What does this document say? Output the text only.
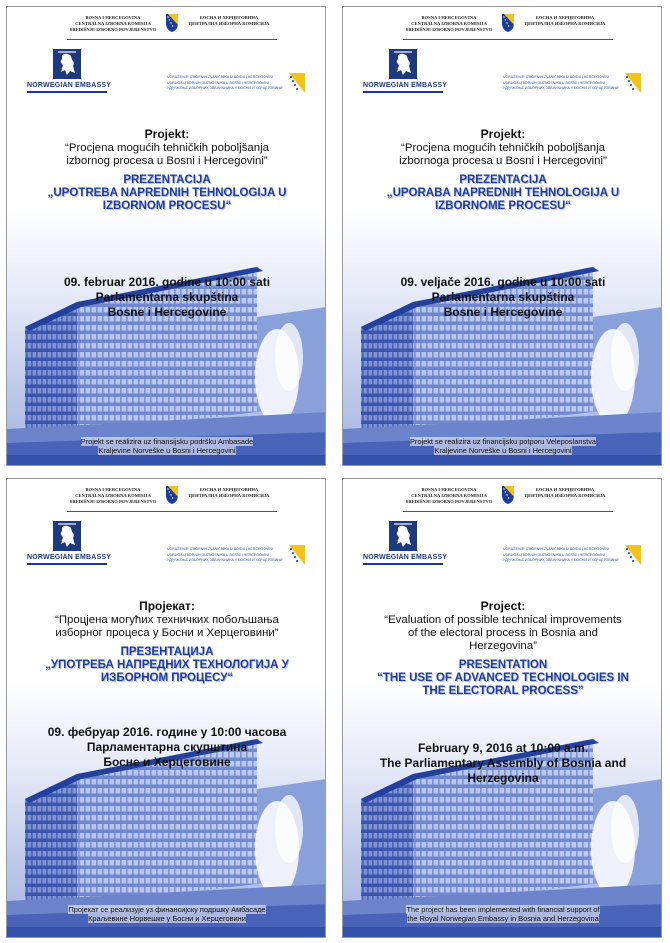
BOSNA I HERCEGOVINA
CENTRALNA IZBORNA KOMISIJA
SREDIŠNJE IZBORNO POVJERENSTVO
БОСНА И ХЕРЦЕГОВИНА
ЦЕНТРАЛНА ИЗБОРНА КОМИСИЈА
NORWEGIAN EMBASSY
UDRUŽENJE IZBORNIH ZVANIČNIKA U BOSNI I HERCEGOVINI
UDRUGA IZBORNIH DUŽNOSNIKA U BOSNI I HERCEGOVINI
УДРУЖЕЊЕ ИЗБОРНИХ ЗВАНИЧНИКА У БОСНИ И ХЕРЦЕГОВИНИ
Projekt:
“Procjena mogućih tehničkih poboljšanja
izbornog procesa u Bosni i Hercegovini”
PREZENTACIJA
„UPOTREBA NAPREDNIH TEHNOLOGIJA U
IZBORNOM PROCESU“
09. februar 2016. godine u 10:00 sati
Parlamentarna skupština
Bosne i Hercegovine
Projekt se realizira uz finansijsku podršku Ambasade
Kraljevine Norveške u Bosni i Hercegovini
BOSNA I HERCEGOVINA
CENTRALNA IZBORNA KOMISIJA
SREDIŠNJE IZBORNO POVJERENSTVO
БОСНА И ХЕРЦЕГОВИНА
ЦЕНТРАЛНА ИЗБОРНА КОМИСИЈА
NORWEGIAN EMBASSY
UDRUŽENJE IZBORNIH ZVANIČNIKA U BOSNI I HERCEGOVINI
UDRUGA IZBORNIH DUŽNOSNIKA U BOSNI I HERCEGOVINI
УДРУЖЕЊЕ ИЗБОРНИХ ЗВАНИЧНИКА У БОСНИ И ХЕРЦЕГОВИНИ
Projekt:
“Procjena mogućih tehničkih poboljšanja
izbornoga procesa u Bosni i Hercegovini”
PREZENTACIJA
„UPORABA NAPREDNIH TEHNOLOGIJA U
IZBORNOME PROCESU“
09. veljače 2016. godine u 10:00 sati
Parlamentarna skupština
Bosne i Hercegovine
Projekt se realizira uz financijsku potporu Veleposlanstva
Kraljevine Norveške u Bosni i Hercegovini
BOSNA I HERCEGOVINA
CENTRALNA IZBORNA KOMISIJA
SREDIŠNJE IZBORNO POVJERENSTVO
БОСНА И ХЕРЦЕГОВИНА
ЦЕНТРАЛНА ИЗБОРНА КОМИСИЈА
NORWEGIAN EMBASSY
UDRUŽENJE IZBORNIH ZVANIČNIKA U BOSNI I HERCEGOVINI
UDRUGA IZBORNIH DUŽNOSNIKA U BOSNI I HERCEGOVINI
УДРУЖЕЊЕ ИЗБОРНИХ ЗВАНИЧНИКА У БОСНИ И ХЕРЦЕГОВИНИ
Пројекат:
“Процјена могућих техничких побољшања
изборног процеса у Босни и Херцеговини”
ПРЕЗЕНТАЦИЈА
„УПОТРЕБА НАПРЕДНИХ ТЕХНОЛОГИЈА У
ИЗБОРНОМ ПРОЦЕСУ“
09. фебруар 2016. године у 10:00 часова
Парламентарна скупштина
Босне и Херцеговине
Пројекат се реализује уз финансијску подршку Амбасаде
Краљевине Норвешке у Босни и Херцеговини
BOSNA I HERCEGOVINA
CENTRALNA IZBORNA KOMISIJA
SREDIŠNJE IZBORNO POVJERENSTVO
БОСНА И ХЕРЦЕГОВИНА
ЦЕНТРАЛНА ИЗБОРНА КОМИСИЈА
NORWEGIAN EMBASSY
UDRUŽENJE IZBORNIH ZVANIČNIKA U BOSNI I HERCEGOVINI
UDRUGA IZBORNIH DUŽNOSNIKA U BOSNI I HERCEGOVINI
УДРУЖЕЊЕ ИЗБОРНИХ ЗВАНИЧНИКА У БОСНИ И ХЕРЦЕГОВИНИ
Project:
“Evaluation of possible technical improvements
of the electoral process in Bosnia and
Herzegovina”
PRESENTATION
“THE USE OF ADVANCED TECHNOLOGIES IN
THE ELECTORAL PROCESS”
February 9, 2016 at 10:00 a.m.
The Parliamentary Assembly of Bosnia and
Herzegovina
The project has been implemented with financial support of
the Royal Norwegian Embassy in Bosnia and Herzegovina
